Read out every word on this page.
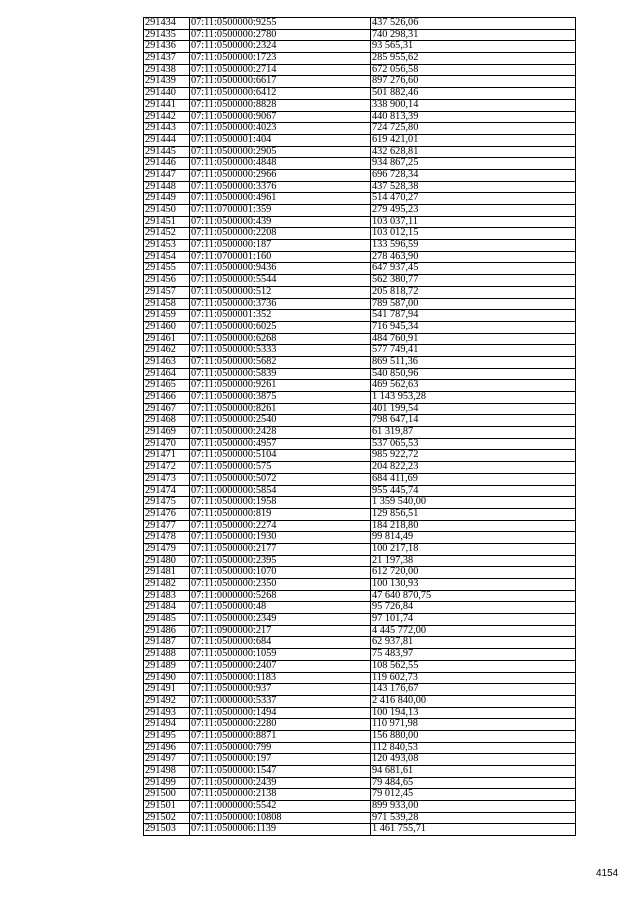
291434	07:11:0500000:9255	437 526,06
291435	07:11:0500000:2780	740 298,31
291436	07:11:0500000:2324	93 565,31
291437	07:11:0500000:1723	285 955,62
291438	07:11:0500000:2714	672 056,58
291439	07:11:0500000:6617	897 276,60
291440	07:11:0500000:6412	501 882,46
291441	07:11:0500000:8828	338 900,14
291442	07:11:0500000:9067	440 813,39
291443	07:11:0500000:4023	724 725,80
291444	07:11:0500001:404	619 421,01
291445	07:11:0500000:2905	432 628,81
291446	07:11:0500000:4848	934 867,25
291447	07:11:0500000:2966	696 728,34
291448	07:11:0500000:3376	437 528,38
291449	07:11:0500000:4961	514 470,27
291450	07:11:0700001:359	279 495,23
291451	07:11:0500000:439	103 037,11
291452	07:11:0500000:2208	103 012,15
291453	07:11:0500000:187	133 596,59
291454	07:11:0700001:160	278 463,90
291455	07:11:0500000:9436	647 937,45
291456	07:11:0500000:5544	562 380,77
291457	07:11:0500000:512	205 818,72
291458	07:11:0500000:3736	789 587,00
291459	07:11:0500001:352	541 787,94
291460	07:11:0500000:6025	716 945,34
291461	07:11:0500000:6268	484 760,91
291462	07:11:0500000:5333	577 749,41
291463	07:11:0500000:5682	869 511,36
291464	07:11:0500000:5839	540 850,96
291465	07:11:0500000:9261	469 562,63
291466	07:11:0500000:3875	1 143 953,28
291467	07:11:0500000:8261	401 199,54
291468	07:11:0500000:2540	798 647,14
291469	07:11:0500000:2428	61 319,87
291470	07:11:0500000:4957	537 065,53
291471	07:11:0500000:5104	985 922,72
291472	07:11:0500000:575	204 822,23
291473	07:11:0500000:5072	684 411,69
291474	07:11:0000000:5854	955 445,74
291475	07:11:0500000:1958	1 359 540,00
291476	07:11:0500000:819	129 856,51
291477	07:11:0500000:2274	184 218,80
291478	07:11:0500000:1930	99 814,49
291479	07:11:0500000:2177	100 217,18
291480	07:11:0500000:2395	21 197,38
291481	07:11:0500000:1070	612 720,00
291482	07:11:0500000:2350	100 130,93
291483	07:11:0000000:5268	47 640 870,75
291484	07:11:0500000:48	95 726,84
291485	07:11:0500000:2349	97 101,74
291486	07:11:0900000:217	4 445 772,00
291487	07:11:0500000:684	62 937,81
291488	07:11:0500000:1059	75 483,97
291489	07:11:0500000:2407	108 562,55
291490	07:11:0500000:1183	119 602,73
291491	07:11:0500000:937	143 176,67
291492	07:11:0000000:5337	2 416 840,00
291493	07:11:0500000:1494	100 194,13
291494	07:11:0500000:2280	110 971,98
291495	07:11:0500000:8871	156 880,00
291496	07:11:0500000:799	112 840,53
291497	07:11:0500000:197	120 493,08
291498	07:11:0500000:1547	94 681,61
291499	07:11:0500000:2439	79 484,65
291500	07:11:0500000:2138	79 012,45
291501	07:11:0000000:5542	899 933,00
291502	07:11:0500000:10808	971 539,28
291503	07:11:0500006:1139	1 461 755,71
4154
